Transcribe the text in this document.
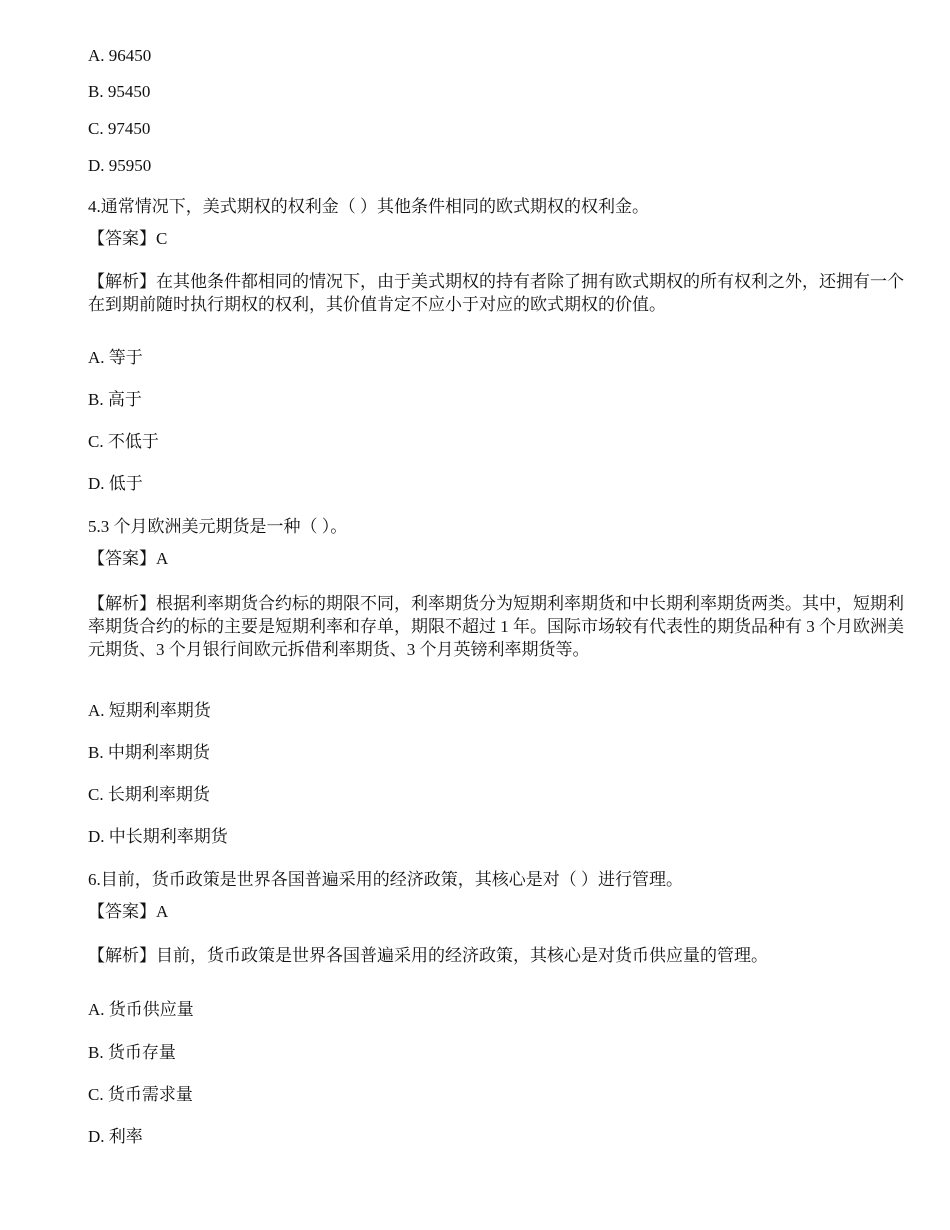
A. 96450
B. 95450
C. 97450
D. 95950
4.通常情况下，美式期权的权利金（ ）其他条件相同的欧式期权的权利金。
【答案】C
【解析】在其他条件都相同的情况下，由于美式期权的持有者除了拥有欧式期权的所有权利之外，还拥有一个在到期前随时执行期权的权利，其价值肯定不应小于对应的欧式期权的价值。
A. 等于
B. 高于
C. 不低于
D. 低于
5.3 个月欧洲美元期货是一种（ ）。
【答案】A
【解析】根据利率期货合约标的期限不同，利率期货分为短期利率期货和中长期利率期货两类。其中，短期利率期货合约的标的主要是短期利率和存单，期限不超过 1 年。国际市场较有代表性的期货品种有 3 个月欧洲美元期货、3 个月银行间欧元拆借利率期货、3 个月英镑利率期货等。
A. 短期利率期货
B. 中期利率期货
C. 长期利率期货
D. 中长期利率期货
6.目前，货币政策是世界各国普遍采用的经济政策，其核心是对（ ）进行管理。
【答案】A
【解析】目前，货币政策是世界各国普遍采用的经济政策，其核心是对货币供应量的管理。
A. 货币供应量
B. 货币存量
C. 货币需求量
D. 利率
